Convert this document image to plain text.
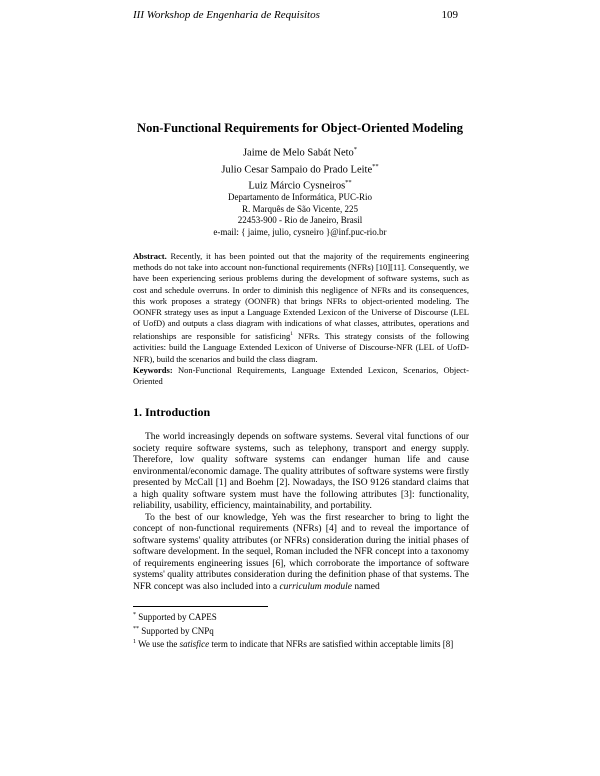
III Workshop de Engenharia de Requisitos	109
Non-Functional Requirements for Object-Oriented Modeling
Jaime de Melo Sabát Neto*
Julio Cesar Sampaio do Prado Leite**
Luiz Márcio Cysneiros**
Departamento de Informática, PUC-Rio
R. Marquês de São Vicente, 225
22453-900 - Rio de Janeiro, Brasil
e-mail: { jaime, julio, cysneiro }@inf.puc-rio.br
Abstract. Recently, it has been pointed out that the majority of the requirements engineering methods do not take into account non-functional requirements (NFRs) [10][11]. Consequently, we have been experiencing serious problems during the development of software systems, such as cost and schedule overruns. In order to diminish this negligence of NFRs and its consequences, this work proposes a strategy (OONFR) that brings NFRs to object-oriented modeling. The OONFR strategy uses as input a Language Extended Lexicon of the Universe of Discourse (LEL of UofD) and outputs a class diagram with indications of what classes, attributes, operations and relationships are responsible for satisficing$^1$ NFRs. This strategy consists of the following activities: build the Language Extended Lexicon of Universe of Discourse-NFR (LEL of UofD-NFR), build the scenarios and build the class diagram.
Keywords: Non-Functional Requirements, Language Extended Lexicon, Scenarios, Object-Oriented
1. Introduction

The world increasingly depends on software systems. Several vital functions of our society require software systems, such as telephony, transport and energy supply. Therefore, low quality software systems can endanger human life and cause environmental/economic damage. The quality attributes of software systems were firstly presented by McCall [1] and Boehm [2]. Nowadays, the ISO 9126 standard claims that a high quality software system must have the following attributes [3]: functionality, reliability, usability, efficiency, maintainability, and portability.

To the best of our knowledge, Yeh was the first researcher to bring to light the concept of non-functional requirements (NFRs) [4] and to reveal the importance of software systems' quality attributes (or NFRs) consideration during the initial phases of software development. In the sequel, Roman included the NFR concept into a taxonomy of requirements engineering issues [6], which corroborate the importance of software systems' quality attributes consideration during the definition phase of that systems. The NFR concept was also included into a curriculum module named

* Supported by CAPES
** Supported by CNPq
$^1$ We use the satisfice term to indicate that NFRs are satisfied within acceptable limits [8]
